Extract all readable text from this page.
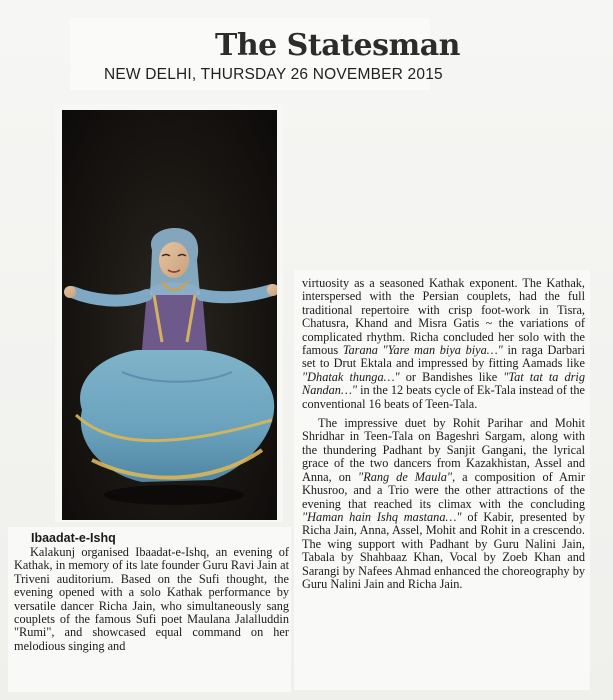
The Statesman
NEW DELHI, THURSDAY 26 NOVEMBER 2015
Ibaadat-e-Ishq

Kalakunj organised Ibaadat-e-Ishq, an evening of Kathak, in memory of its late founder Guru Ravi Jain at Triveni auditorium. Based on the Sufi thought, the evening opened with a solo Kathak performance by versatile dancer Richa Jain, who simultaneously sang couplets of the famous Sufi poet Maulana Jalalluddin "Rumi", and showcased equal command on her melodious singing and

virtuosity as a seasoned Kathak exponent. The Kathak, interspersed with the Persian couplets, had the full traditional repertoire with crisp foot-work in Tisra, Chatusra, Khand and Misra Gatis ~ the variations of complicated rhythm. Richa concluded her solo with the famous Tarana "Yare man biya biya…" in raga Darbari set to Drut Ektala and impressed by fitting Aamads like "Dhatak thunga…" or Bandishes like "Tat tat ta drig Nandan…" in the 12 beats cycle of Ek-Tala instead of the conventional 16 beats of Teen-Tala.

The impressive duet by Rohit Parihar and Mohit Shridhar in Teen-Tala on Bageshri Sargam, along with the thundering Padhant by Sanjit Gangani, the lyrical grace of the two dancers from Kazakhistan, Assel and Anna, on "Rang de Maula", a composition of Amir Khusroo, and a Trio were the other attractions of the evening that reached its climax with the concluding "Haman hain Ishq mastana…" of Kabir, presented by Richa Jain, Anna, Assel, Mohit and Rohit in a crescendo. The wing support with Padhant by Guru Nalini Jain, Tabala by Shahbaaz Khan, Vocal by Zoeb Khan and Sarangi by Nafees Ahmad enhanced the choreography by Guru Nalini Jain and Richa Jain.
